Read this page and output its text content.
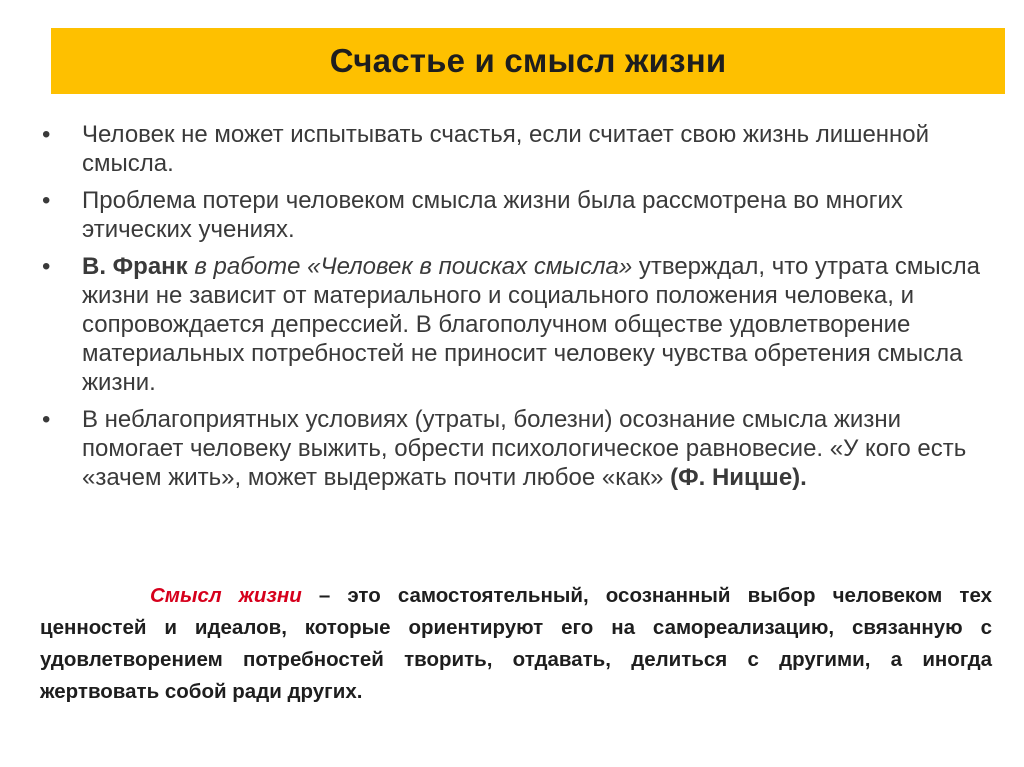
Счастье и смысл жизни
• Человек не может испытывать счастья, если считает свою жизнь лишенной смысла.
• Проблема потери человеком смысла жизни была рассмотрена во многих этических учениях.
• В. Франк в работе «Человек в поисках смысла» утверждал, что утрата смысла жизни не зависит от материального и социального положения человека, и сопровождается депрессией. В благополучном обществе удовлетворение материальных потребностей не приносит человеку чувства обретения смысла жизни.
• В неблагоприятных условиях (утраты, болезни) осознание смысла жизни помогает человеку выжить, обрести психологическое равновесие. «У кого есть «зачем жить», может выдержать почти любое «как» (Ф. Ницше).

Смысл жизни – это самостоятельный, осознанный выбор человеком тех ценностей и идеалов, которые ориентируют его на самореализацию, связанную с удовлетворением потребностей творить, отдавать, делиться с другими, а иногда жертвовать собой ради других.
